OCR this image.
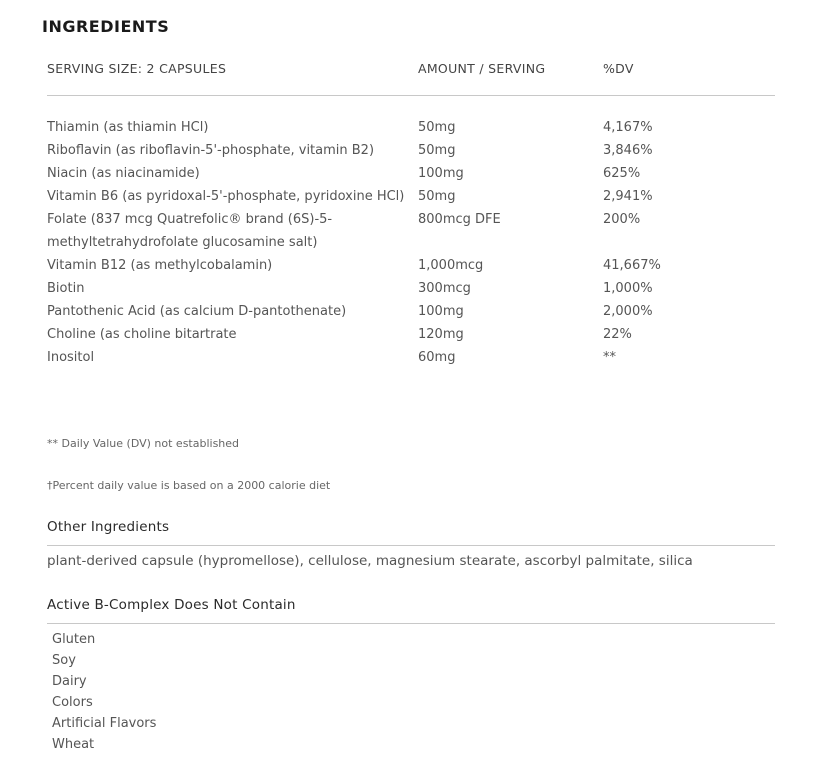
INGREDIENTS
SERVING SIZE: 2 CAPSULES	AMOUNT / SERVING	%DV
Thiamin (as thiamin HCl)	50mg	4,167%
Riboflavin (as riboflavin-5'-phosphate, vitamin B2)	50mg	3,846%
Niacin (as niacinamide)	100mg	625%
Vitamin B6 (as pyridoxal-5'-phosphate, pyridoxine HCl) 50mg	2,941%
Folate (837 mcg Quatrefolic® brand (6S)-5-methyltetrahydrofolate glucosamine salt)
800mcg DFE	200%
Vitamin B12 (as methylcobalamin)	1,000mcg	41,667%
Biotin	300mcg	1,000%
Pantothenic Acid (as calcium D-pantothenate)	100mg	2,000%
Choline (as choline bitartrate	120mg	22%
Inositol	60mg	**
** Daily Value (DV) not established
†Percent daily value is based on a 2000 calorie diet
Other Ingredients
plant-derived capsule (hypromellose), cellulose, magnesium stearate, ascorbyl palmitate, silica
Active B-Complex Does Not Contain
Gluten
Soy
Dairy
Colors
Artificial Flavors
Wheat
